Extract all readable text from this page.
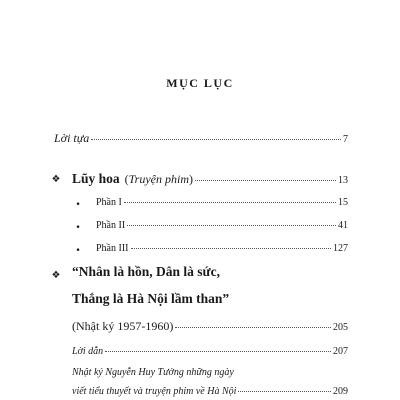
MỤC LỤC
Lời tựa	7
❖ Lũy hoa ( Truyện phim )	13
• Phần I	15
• Phần II	41
• Phần III	127
❖ “Nhân là hồn, Dân là sức,
Thắng là Hà Nội lầm than”
(Nhật ký 1957-1960)	205
Lời dẫn	207
Nhật ký Nguyễn Huy Tưởng những ngày
viết tiểu thuyết và truyện phim về Hà Nội	209
